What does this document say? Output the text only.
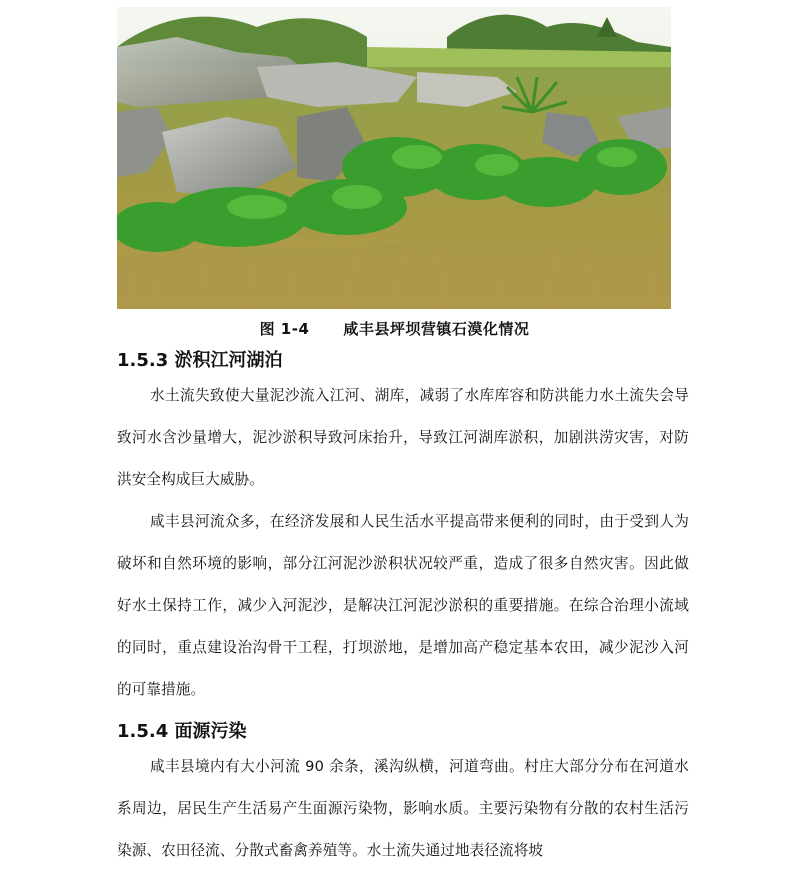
图 1-4 咸丰县坪坝营镇石漠化情况
1.5.3 淤积江河湖泊

水土流失致使大量泥沙流入江河、湖库，减弱了水库库容和防洪能力水土流失会导致河水含沙量增大，泥沙淤积导致河床抬升，导致江河湖库淤积，加剧洪涝灾害，对防洪安全构成巨大威胁。

咸丰县河流众多，在经济发展和人民生活水平提高带来便利的同时，由于受到人为破坏和自然环境的影响，部分江河泥沙淤积状况较严重，造成了很多自然灾害。因此做好水土保持工作，减少入河泥沙，是解决江河泥沙淤积的重要措施。在综合治理小流域的同时，重点建设治沟骨干工程，打坝淤地，是增加高产稳定基本农田，减少泥沙入河的可靠措施。

1.5.4 面源污染

咸丰县境内有大小河流 90 余条，溪沟纵横，河道弯曲。村庄大部分分布在河道水系周边，居民生产生活易产生面源污染物，影响水质。主要污染物有分散的农村生活污染源、农田径流、分散式畜禽养殖等。水土流失通过地表径流将坡
